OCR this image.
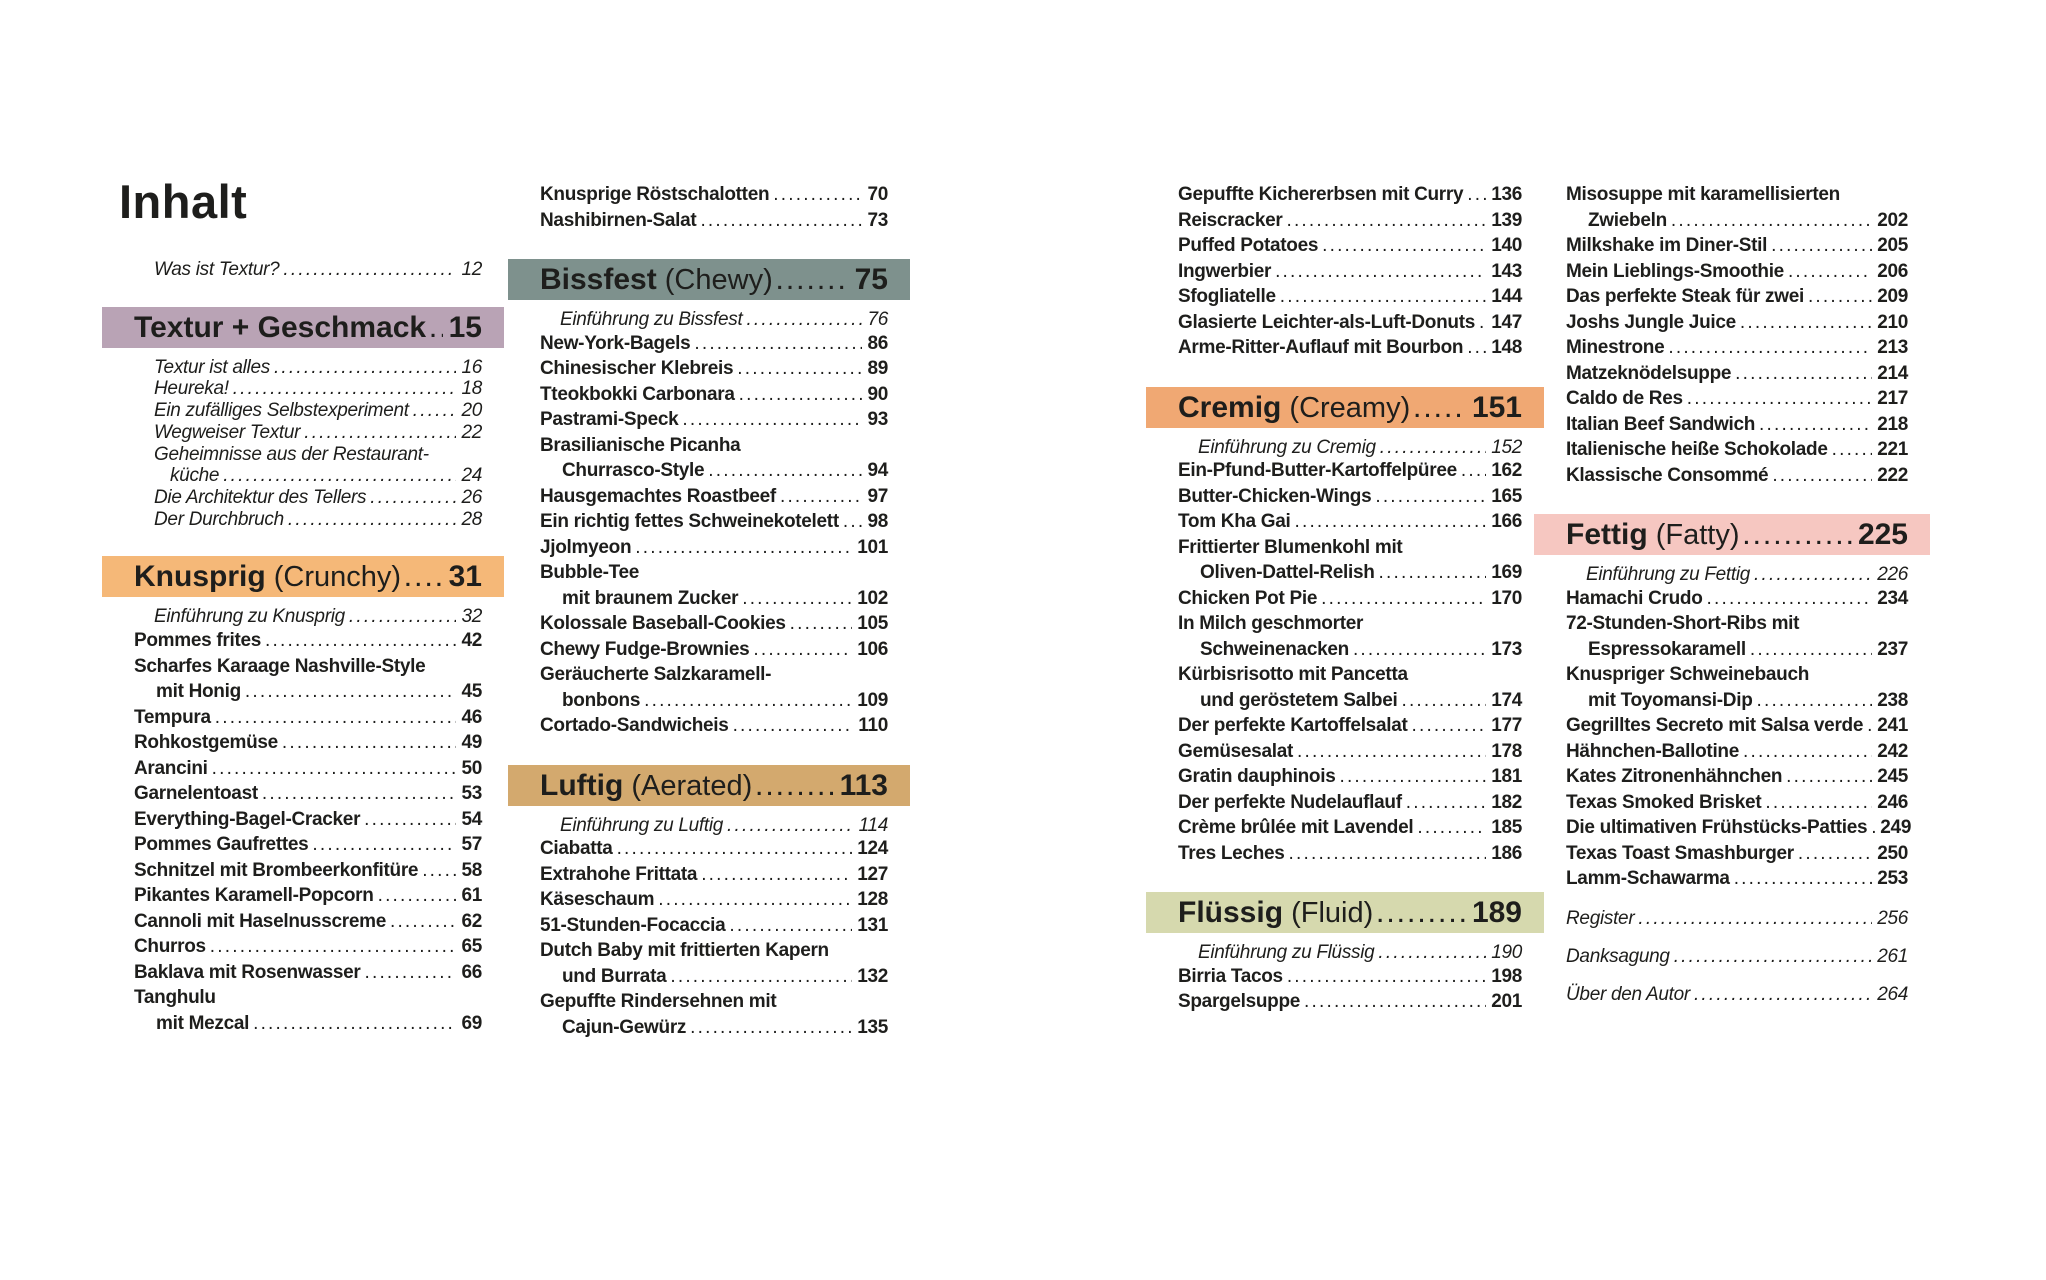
Inhalt
Was ist Textur? .....	12
Textur + Geschmack ..... 15
Textur ist alles .....	16
Heureka! .....	18
Ein zufälliges Selbstexperiment .....	20
Wegweiser Textur .....	22
Geheimnisse aus der Restaurant-
küche .....	24
Die Architektur des Tellers .....	26
Der Durchbruch .....	28
Knusprig (Crunchy) ..... 31
Einführung zu Knusprig .....	32
Pommes frites .....	42
Scharfes Karaage Nashville-Style
mit Honig .....	45
Tempura .....	46
Rohkostgemüse .....	49
Arancini .....	50
Garnelentoast .....	53
Everything-Bagel-Cracker .....	54
Pommes Gaufrettes .....	57
Schnitzel mit Brombeerkonfitüre ..... 58
Pikantes Karamell-Popcorn .....	61
Cannoli mit Haselnusscreme .....	62
Churros .....	65
Baklava mit Rosenwasser .....	66
Tanghulu
mit Mezcal .....	69
Knusprige Röstschalotten .....	70
Nashibirnen-Salat .....	73
Bissfest (Chewy) .....	75
Einführung zu Bissfest .....	76
New-York-Bagels .....	86
Chinesischer Klebreis .....	89
Tteokbokki Carbonara .....	90
Pastrami-Speck .....	93
Brasilianische Picanha
Churrasco-Style .....	94
Hausgemachtes Roastbeef .....	97
Ein richtig fettes Schweinekotelett ..... 98
Jjolmyeon .....	101
Bubble-Tee
mit braunem Zucker .....	102
Kolossale Baseball-Cookies .....	105
Chewy Fudge-Brownies .....	106
Geräucherte Salzkaramell-
bonbons .....	109
Cortado-Sandwicheis .....	110
Luftig (Aerated) .....	113
Einführung zu Luftig .....	114
Ciabatta .....	124
Extrahohe Frittata .....	127
Käseschaum .....	128
51-Stunden-Focaccia .....	131
Dutch Baby mit frittierten Kapern
und Burrata .....	132
Gepuffte Rindersehnen mit
Cajun-Gewürz .....	135
Gepuffte Kichererbsen mit Curry ..... 136
Reiscracker .....	139
Puffed Potatoes .....	140
Ingwerbier .....	143
Sfogliatelle .....	144
Glasierte Leichter-als-Luft-Donuts ..... 147
Arme-Ritter-Auflauf mit Bourbon ..... 148
Cremig (Creamy) ..... 151
Einführung zu Cremig .....	152
Ein-Pfund-Butter-Kartoffelpüree ..... 162
Butter-Chicken-Wings .....	165
Tom Kha Gai .....	166
Frittierter Blumenkohl mit
Oliven-Dattel-Relish .....	169
Chicken Pot Pie .....	170
In Milch geschmorter
Schweinenacken .....	173
Kürbisrisotto mit Pancetta
und geröstetem Salbei .....	174
Der perfekte Kartoffelsalat .....	177
Gemüsesalat .....	178
Gratin dauphinois .....	181
Der perfekte Nudelauflauf .....	182
Crème brûlée mit Lavendel .....	185
Tres Leches .....	186
Flüssig (Fluid) .....	189
Einführung zu Flüssig .....	190
Birria Tacos .....	198
Spargelsuppe .....	201
Misosuppe mit karamellisierten
Zwiebeln .....	202
Milkshake im Diner-Stil .....	205
Mein Lieblings-Smoothie .....	206
Das perfekte Steak für zwei .....	209
Joshs Jungle Juice .....	210
Minestrone .....	213
Matzeknödelsuppe .....	214
Caldo de Res .....	217
Italian Beef Sandwich .....	218
Italienische heiße Schokolade .....	221
Klassische Consommé .....	222
Fettig (Fatty) .....	225
Einführung zu Fettig .....	226
Hamachi Crudo .....	234
72-Stunden-Short-Ribs mit
Espressokaramell .....	237
Knuspriger Schweinebauch
mit Toyomansi-Dip .....	238
Gegrilltes Secreto mit Salsa verde ..... 241
Hähnchen-Ballotine .....	242
Kates Zitronenhähnchen .....	245
Texas Smoked Brisket .....	246
Die ultimativen Frühstücks-Patties ..... 249
Texas Toast Smashburger .....	250
Lamm-Schawarma .....	253
Register .....	256
Danksagung .....	261
Über den Autor .....	264
